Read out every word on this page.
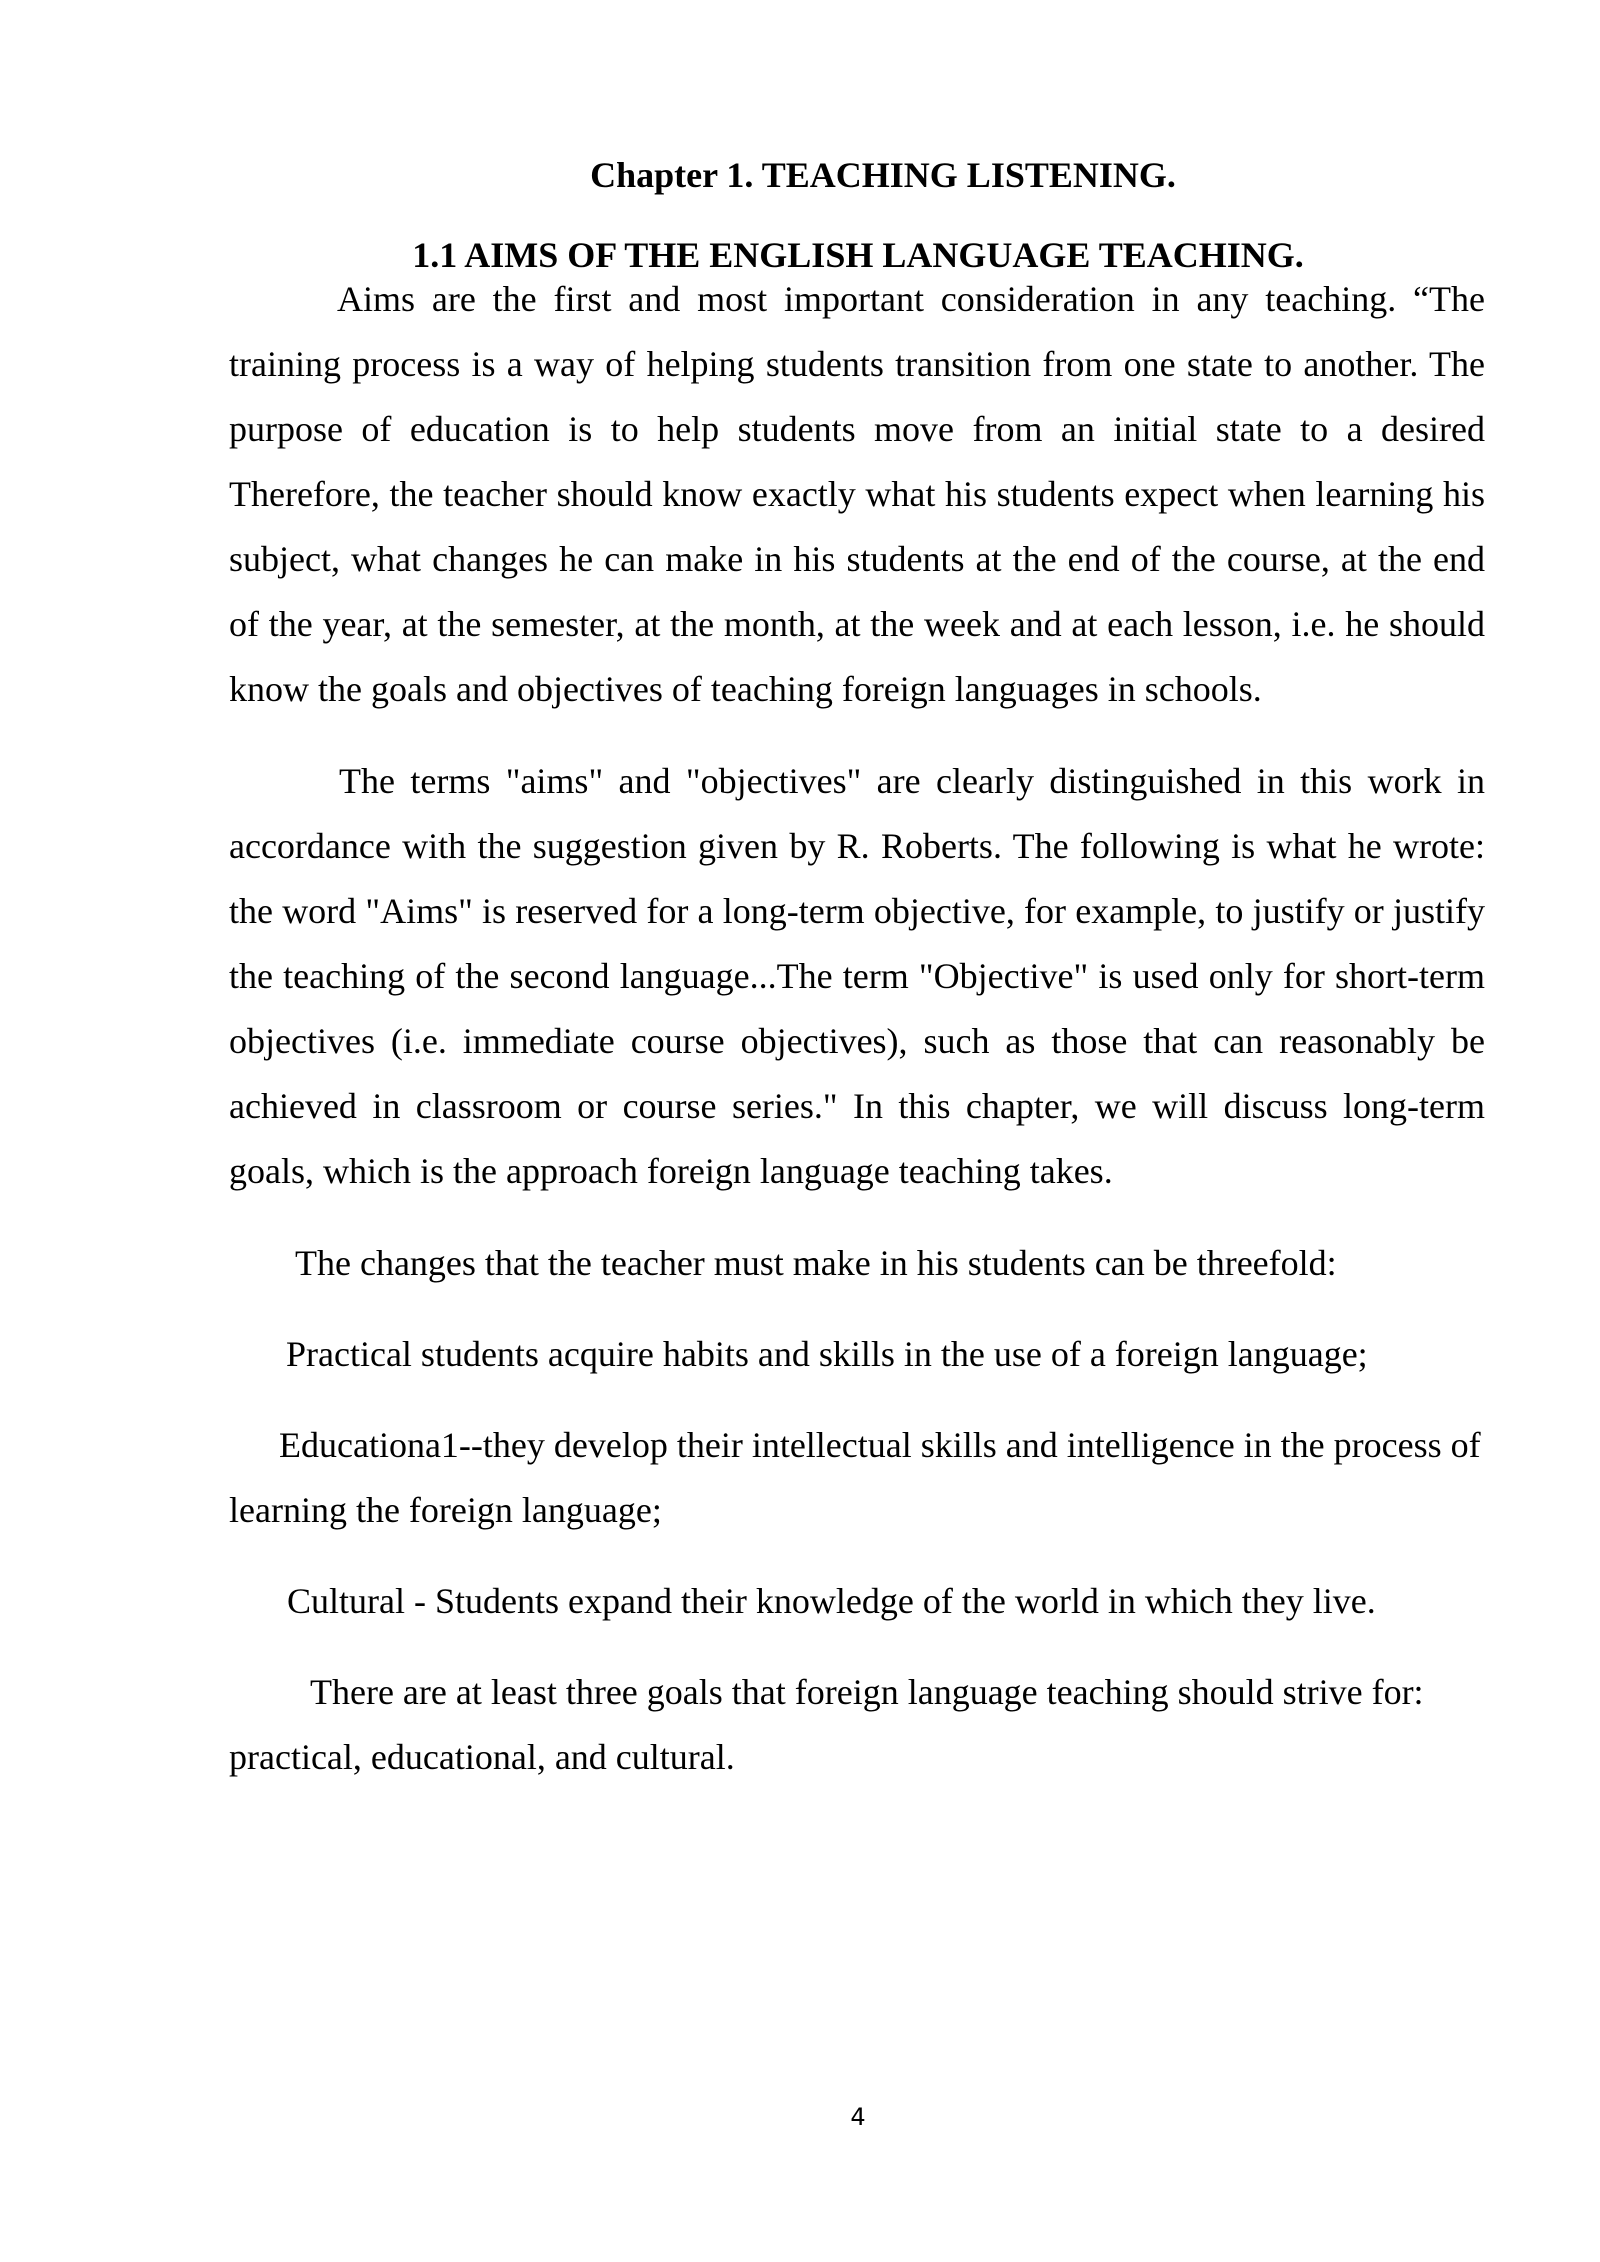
Chapter 1. TEACHING LISTENING.
1.1 AIMS OF THE ENGLISH LANGUAGE TEACHING.

Aims are the first and most important consideration in any teaching. “The training process is a way of helping students transition from one state to another. The purpose of education is to help students move from an initial state to a desired Therefore, the teacher should know exactly what his students expect when learning his subject, what changes he can make in his students at the end of the course, at the end of the year, at the semester, at the month, at the week and at each lesson, i.e. he should know the goals and objectives of teaching foreign languages in schools.

The terms "aims" and "objectives" are clearly distinguished in this work in accordance with the suggestion given by R. Roberts. The following is what he wrote: the word "Aims" is reserved for a long-term objective, for example, to justify or justify the teaching of the second language...The term "Objective" is used only for short-term objectives (i.e. immediate course objectives), such as those that can reasonably be achieved in classroom or course series." In this chapter, we will discuss long-term goals, which is the approach foreign language teaching takes.

The changes that the teacher must make in his students can be threefold:

Practical students acquire habits and skills in the use of a foreign language;

Educationa1--they develop their intellectual skills and intelligence in the process of learning the foreign language;

Cultural - Students expand their knowledge of the world in which they live.

There are at least three goals that foreign language teaching should strive for: practical, educational, and cultural.

4
